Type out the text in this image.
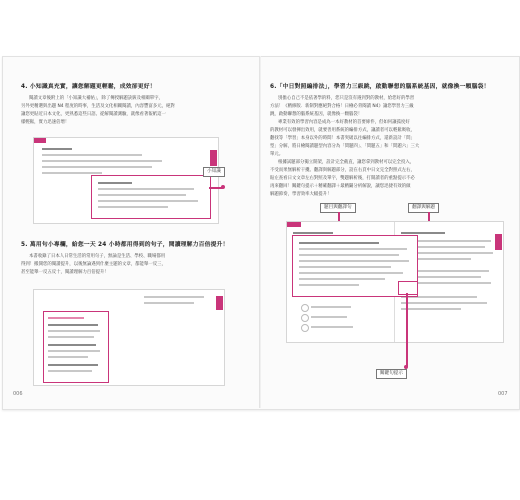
4. 小知識真充實，讓您解題更輕鬆，成效卻更好！
閱讀文章後附上的「小知識大補帖」，除了傳授解題訣竅及相關單字，
另外更精選與出題 N4 程度的時事，生活及文化相關閱讀，內容豐富多元，絕對
讓您更貼近日本文化，更熟悉這些日語。從解閱讀測驗，就像看著報紙這一
樣輕鬆，實力迅速倍增！
小知識
5. 萬用句小專欄，給您一天 24 小時都用得到的句子，閱讀理解力百倍提升！
本書收錄了日本人日常生活的常用句子，無論是生活、學校、職場都用
得到！搬開您的閱讀提升，以後無論遇到什麼主題的文章，都能舉一反三，
甚至能舉一反五反十，閱讀理解力百倍提升！
006
6.「中日對照編排法」，學習力三級跳，啟動聯想的腦系統基因，就像換一顆腦袋！
別擔心自己不是依著學的料，您只是沒有遇到對的教材，給您好的學習
方法！《精修版．新制對應絕對合格！日檢必背閱讀 N4》讓您學習力三級
跳，啟動聯想的腦系統基因，就像換一顆腦袋！
專業有效的學習內容是成為一本好教材的首要條件，但如何讓孤度好
的教材可以發揮出效用，就要善用系統的編排方式，讓讀者可以輕鬆吸收，
翻找等「學習」本身以外的時間！本書突破以往編排方式，還新設計「問」
型」分解，將日檢閱讀題型內容分為「問題四」、「問題五」和「問題六」三大
單元。
根據試題部分獨立開架，設計完全截直，讓您拿到教材可以完全投入，
不受而果無解析干擾。翻譯與解題部分，設在右頁中日文完全對照式左右，
貼左查看日文文章左右對照及單字，雙題解析後，打開讀者的重點提示不必
再來翻回！關鍵句提示＋精確翻譯＋最精闢分析解說，讓您迅捷有效的做
解題節奏，學習效率大幅提升！
題目與翻譯句	翻譯與解題
關鍵句提示
007
